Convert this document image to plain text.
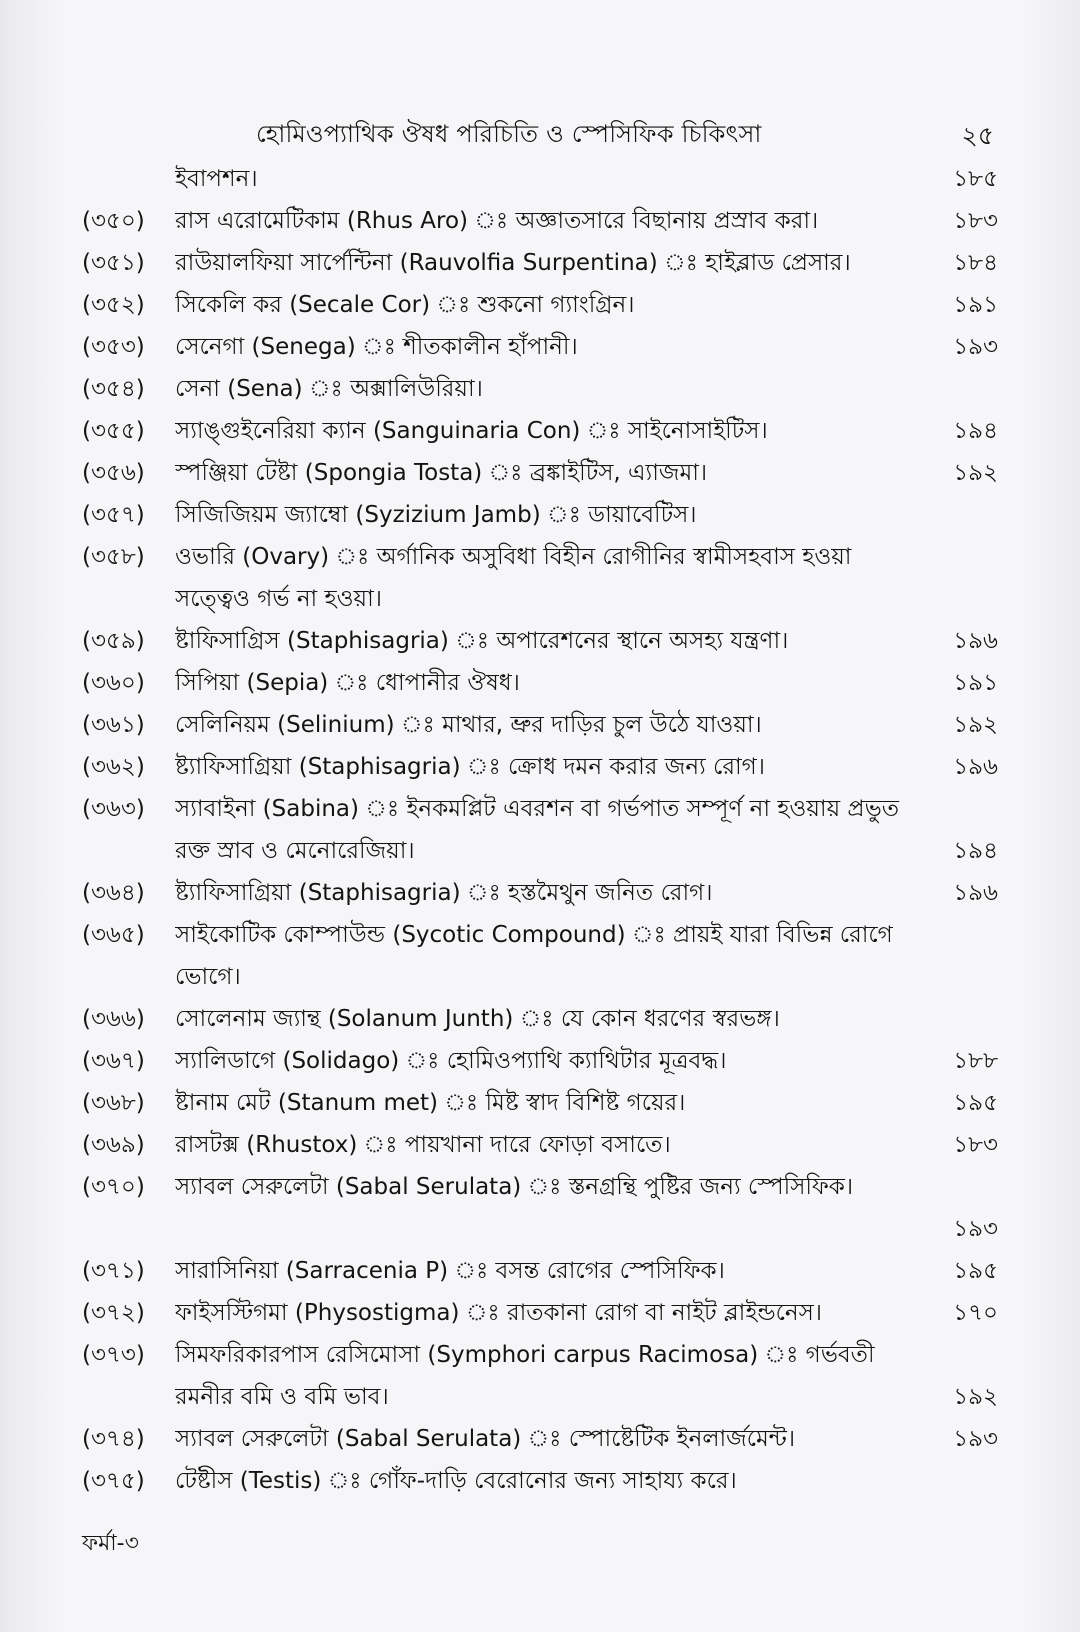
হোমিওপ্যাথিক ঔষধ পরিচিতি ও স্পেসিফিক চিকিৎসা	২৫
ইবাপশন।	১৮৫
(৩৫০)	রাস এরোমেটিকাম (Rhus Aro) ঃ অজ্ঞাতসারে বিছানায় প্রস্রাব করা।	১৮৩
(৩৫১)	রাউয়ালফিয়া সার্পেন্টিনা (Rauvolfia Surpentina) ঃ হাইব্লাড প্রেসার।	১৮৪
(৩৫২)	সিকেলি কর (Secale Cor) ঃ শুকনো গ্যাংগ্রিন।	১৯১
(৩৫৩)	সেনেগা (Senega) ঃ শীতকালীন হাঁপানী।	১৯৩
(৩৫৪)	সেনা (Sena) ঃ অক্সালিউরিয়া।
(৩৫৫)	স্যাঙ্গুইনেরিয়া ক্যান (Sanguinaria Con) ঃ সাইনোসাইটিস।	১৯৪
(৩৫৬)	স্পঞ্জিয়া টেষ্টা (Spongia Tosta) ঃ ব্রঙ্কাইটিস, এ্যাজমা।	১৯২
(৩৫৭)	সিজিজিয়ম জ্যাম্বো (Syzizium Jamb) ঃ ডায়াবেটিস।
(৩৫৮)	ওভারি (Ovary) ঃ অর্গানিক অসুবিধা বিহীন রোগীনির স্বামীসহবাস হওয়া
সত্ত্বেও গর্ভ না হওয়া।
(৩৫৯)	ষ্টাফিসাগ্রিস (Staphisagria) ঃ অপারেশনের স্থানে অসহ্য যন্ত্রণা।	১৯৬
(৩৬০)	সিপিয়া (Sepia) ঃ ধোপানীর ঔষধ।	১৯১
(৩৬১)	সেলিনিয়ম (Selinium) ঃ মাথার, ভ্রুর দাড়ির চুল উঠে যাওয়া।	১৯২
(৩৬২)	ষ্ট্যাফিসাগ্রিয়া (Staphisagria) ঃ ক্রোধ দমন করার জন্য রোগ।	১৯৬
(৩৬৩)	স্যাবাইনা (Sabina) ঃ ইনকমপ্লিট এবরশন বা গর্ভপাত সম্পূর্ণ না হওয়ায় প্রভুত
রক্ত স্রাব ও মেনোরেজিয়া।	১৯৪
(৩৬৪)	ষ্ট্যাফিসাগ্রিয়া (Staphisagria) ঃ হস্তমৈথুন জনিত রোগ।	১৯৬
(৩৬৫)	সাইকোটিক কোম্পাউন্ড (Sycotic Compound) ঃ প্রায়ই যারা বিভিন্ন রোগে
ভোগে।
(৩৬৬)	সোলেনাম জ্যান্থ (Solanum Junth) ঃ যে কোন ধরণের স্বরভঙ্গ।
(৩৬৭)	স্যালিডাগে (Solidago) ঃ হোমিওপ্যাথি ক্যাথিটার মূত্রবদ্ধ।	১৮৮
(৩৬৮)	ষ্টানাম মেট (Stanum met) ঃ মিষ্ট স্বাদ বিশিষ্ট গয়ের।	১৯৫
(৩৬৯)	রাসটক্স (Rhustox) ঃ পায়খানা দারে ফোড়া বসাতে।	১৮৩
(৩৭০)	স্যাবল সেরুলেটা (Sabal Serulata) ঃ স্তনগ্রন্থি পুষ্টির জন্য স্পেসিফিক।
১৯৩
(৩৭১)	সারাসিনিয়া (Sarracenia P) ঃ বসন্ত রোগের স্পেসিফিক।	১৯৫
(৩৭২)	ফাইসস্টিগমা (Physostigma) ঃ রাতকানা রোগ বা নাইট ব্লাইন্ডনেস।	১৭০
(৩৭৩)	সিমফরিকারপাস রেসিমোসা (Symphori carpus Racimosa) ঃ গর্ভবতী
রমনীর বমি ও বমি ভাব।	১৯২
(৩৭৪)	স্যাবল সেরুলেটা (Sabal Serulata) ঃ স্পোষ্টেটিক ইনলার্জমেন্ট।	১৯৩
(৩৭৫)	টেষ্টীস (Testis) ঃ গোঁফ-দাড়ি বেরোনোর জন্য সাহায্য করে।
ফর্মা-৩
